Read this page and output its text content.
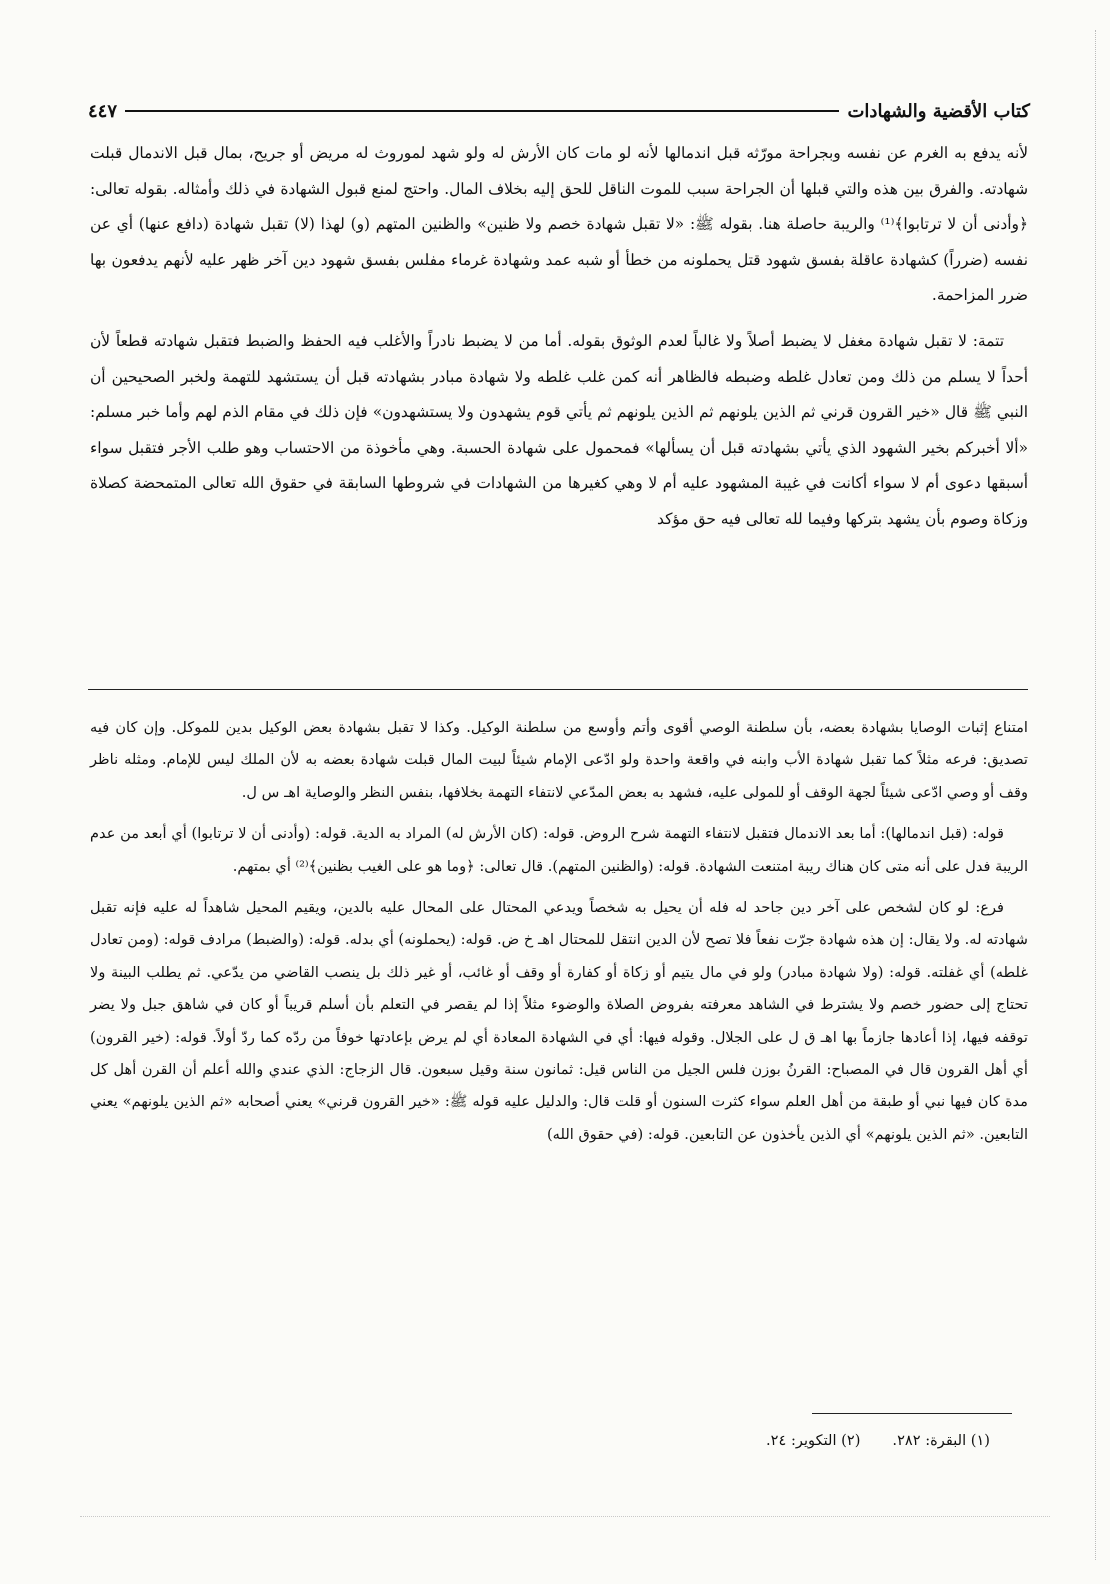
كتاب الأقضية والشهادات
٤٤٧

لأنه يدفع به الغرم عن نفسه وبجراحة مورّثه قبل اندمالها لأنه لو مات كان الأرش له ولو شهد لموروث له مريض أو جريح، بمال قبل الاندمال قبلت شهادته. والفرق بين هذه والتي قبلها أن الجراحة سبب للموت الناقل للحق إليه بخلاف المال. واحتج لمنع قبول الشهادة في ذلك وأمثاله. بقوله تعالى: ﴿وأدنى أن لا ترتابوا﴾⁽¹⁾ والريبة حاصلة هنا. بقوله ﷺ: «لا تقبل شهادة خصم ولا ظنين» والظنين المتهم (و) لهذا (لا) تقبل شهادة (دافع عنها) أي عن نفسه (ضرراً) كشهادة عاقلة بفسق شهود قتل يحملونه من خطأ أو شبه عمد وشهادة غرماء مفلس بفسق شهود دين آخر ظهر عليه لأنهم يدفعون بها ضرر المزاحمة.

تتمة: لا تقبل شهادة مغفل لا يضبط أصلاً ولا غالباً لعدم الوثوق بقوله. أما من لا يضبط نادراً والأغلب فيه الحفظ والضبط فتقبل شهادته قطعاً لأن أحداً لا يسلم من ذلك ومن تعادل غلطه وضبطه فالظاهر أنه كمن غلب غلطه ولا شهادة مبادر بشهادته قبل أن يستشهد للتهمة ولخبر الصحيحين أن النبي ﷺ قال «خير القرون قرني ثم الذين يلونهم ثم الذين يلونهم ثم يأتي قوم يشهدون ولا يستشهدون» فإن ذلك في مقام الذم لهم وأما خبر مسلم: «ألا أخبركم بخير الشهود الذي يأتي بشهادته قبل أن يسألها» فمحمول على شهادة الحسبة. وهي مأخوذة من الاحتساب وهو طلب الأجر فتقبل سواء أسبقها دعوى أم لا سواء أكانت في غيبة المشهود عليه أم لا وهي كغيرها من الشهادات في شروطها السابقة في حقوق الله تعالى المتمحضة كصلاة وزكاة وصوم بأن يشهد بتركها وفيما لله تعالى فيه حق مؤكد

امتناع إثبات الوصايا بشهادة بعضه، بأن سلطنة الوصي أقوى وأتم وأوسع من سلطنة الوكيل. وكذا لا تقبل بشهادة بعض الوكيل بدين للموكل. وإن كان فيه تصديق: فرعه مثلاً كما تقبل شهادة الأب وابنه في واقعة واحدة ولو ادّعى الإمام شيئاً لبيت المال قبلت شهادة بعضه به لأن الملك ليس للإمام. ومثله ناظر وقف أو وصي ادّعى شيئاً لجهة الوقف أو للمولى عليه، فشهد به بعض المدّعي لانتفاء التهمة بخلافها، بنفس النظر والوصاية اهـ س ل.

قوله: (قبل اندمالها): أما بعد الاندمال فتقبل لانتفاء التهمة شرح الروض. قوله: (كان الأرش له) المراد به الدية. قوله: (وأدنى أن لا ترتابوا) أي أبعد من عدم الريبة فدل على أنه متى كان هناك ريبة امتنعت الشهادة. قوله: (والظنين المتهم). قال تعالى: ﴿وما هو على الغيب بظنين﴾⁽²⁾ أي بمتهم.

فرع: لو كان لشخص على آخر دين جاحد له فله أن يحيل به شخصاً ويدعي المحتال على المحال عليه بالدين، ويقيم المحيل شاهداً له عليه فإنه تقبل شهادته له. ولا يقال: إن هذه شهادة جرّت نفعاً فلا تصح لأن الدين انتقل للمحتال اهـ خ ض. قوله: (يحملونه) أي بدله. قوله: (والضبط) مرادف قوله: (ومن تعادل غلطه) أي غفلته. قوله: (ولا شهادة مبادر) ولو في مال يتيم أو زكاة أو كفارة أو وقف أو غائب، أو غير ذلك بل ينصب القاضي من يدّعي. ثم يطلب البينة ولا تحتاج إلى حضور خصم ولا يشترط في الشاهد معرفته بفروض الصلاة والوضوء مثلاً إذا لم يقصر في التعلم بأن أسلم قريباً أو كان في شاهق جبل ولا يضر توقفه فيها، إذا أعادها جازماً بها اهـ ق ل على الجلال. وقوله فيها: أي في الشهادة المعادة أي لم يرض بإعادتها خوفاً من ردّه كما ردّ أولاً. قوله: (خير القرون) أي أهل القرون قال في المصباح: القرنُ بوزن فلس الجيل من الناس قيل: ثمانون سنة وقيل سبعون. قال الزجاج: الذي عندي والله أعلم أن القرن أهل كل مدة كان فيها نبي أو طبقة من أهل العلم سواء كثرت السنون أو قلت قال: والدليل عليه قوله ﷺ: «خير القرون قرني» يعني أصحابه «ثم الذين يلونهم» يعني التابعين. «ثم الذين يلونهم» أي الذين يأخذون عن التابعين. قوله: (في حقوق الله)

(١) البقرة: ٢٨٢.
(٢) التكوير: ٢٤.
